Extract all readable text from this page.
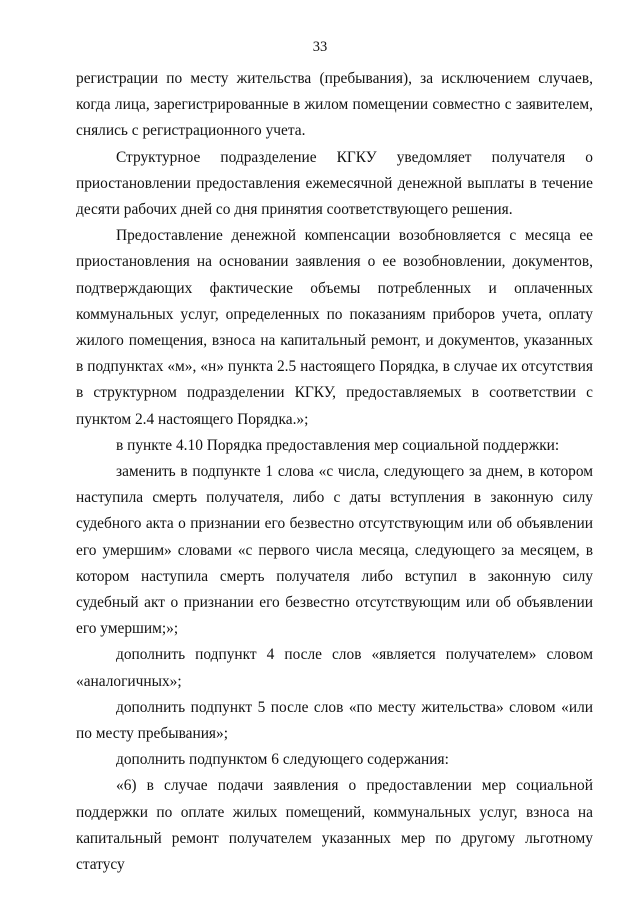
33

регистрации по месту жительства (пребывания), за исключением случаев, когда лица, зарегистрированные в жилом помещении совместно с заявителем, снялись с регистрационного учета.

Структурное подразделение КГКУ уведомляет получателя о приостановлении предоставления ежемесячной денежной выплаты в течение десяти рабочих дней со дня принятия соответствующего решения.

Предоставление денежной компенсации возобновляется с месяца ее приостановления на основании заявления о ее возобновлении, документов, подтверждающих фактические объемы потребленных и оплаченных коммунальных услуг, определенных по показаниям приборов учета, оплату жилого помещения, взноса на капитальный ремонт, и документов, указанных в подпунктах «м», «н» пункта 2.5 настоящего Порядка, в случае их отсутствия в структурном подразделении КГКУ, предоставляемых в соответствии с пунктом 2.4 настоящего Порядка.»;

в пункте 4.10 Порядка предоставления мер социальной поддержки:

заменить в подпункте 1 слова «с числа, следующего за днем, в котором наступила смерть получателя, либо с даты вступления в законную силу судебного акта о признании его безвестно отсутствующим или об объявлении его умершим» словами «с первого числа месяца, следующего за месяцем, в котором наступила смерть получателя либо вступил в законную силу судебный акт о признании его безвестно отсутствующим или об объявлении его умершим;»;

дополнить подпункт 4 после слов «является получателем» словом «аналогичных»;

дополнить подпункт 5 после слов «по месту жительства» словом «или по месту пребывания»;

дополнить подпунктом 6 следующего содержания:

«6) в случае подачи заявления о предоставлении мер социальной поддержки по оплате жилых помещений, коммунальных услуг, взноса на капитальный ремонт получателем указанных мер по другому льготному статусу
